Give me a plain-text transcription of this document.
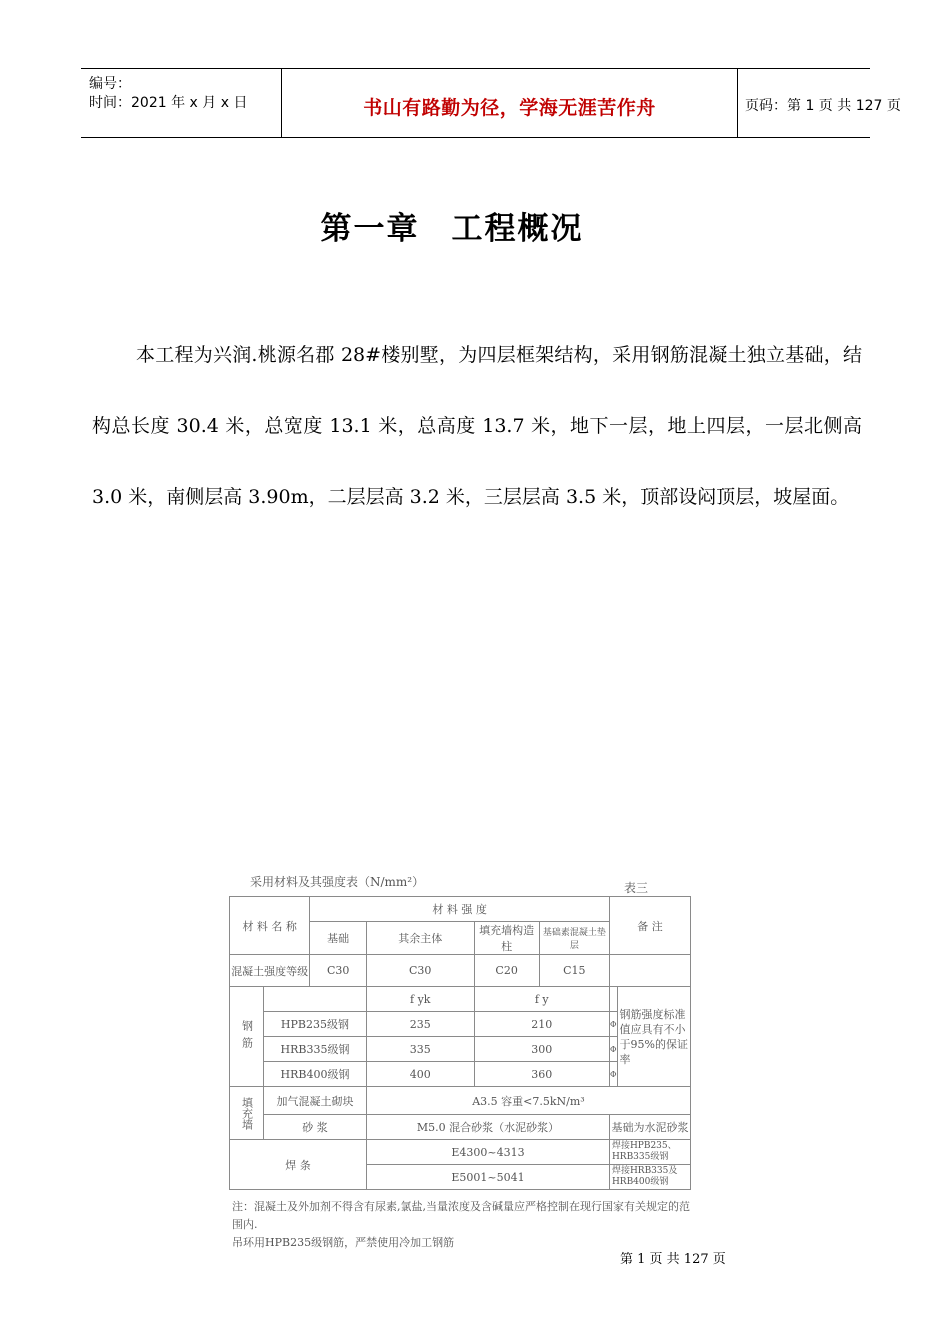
编号：
时间：2021 年 x 月 x 日	书山有路勤为径，学海无涯苦作舟	页码：第 1 页 共 127 页
第一章 工程概况
本工程为兴润.桃源名郡 28#楼别墅，为四层框架结构，采用钢筋混凝土独立基础，结构总长度 30.4 米，总宽度 13.1 米，总高度 13.7 米，地下一层，地上四层，一层北侧高 3.0 米，南侧层高 3.90m，二层层高 3.2 米，三层层高 3.5 米，顶部设闷顶层，坡屋面。
采用材料及其强度表（N/mm²）	表三
材 料 名 称		材 料 强 度				备 注	
		基础	其余主体	填充墙构造柱	基础素混凝土垫层		
混凝土强度等级		C30	C30	C20	C15		
钢筋			f yk	f y			钢筋强度标准值应具有不小于95%的保证率
	HPB235级钢		235	210		Φ	
	HRB335级钢		335	300		Φ	
	HRB400级钢		400	360		Φ	
填充墙	加气混凝土砌块		A3.5 容重<7.5kN/m³				
	砂 浆		M5.0 混合砂浆（水泥砂浆）			基础为水泥砂浆	
焊 条			E4300~4313			焊接HPB235、HRB335级钢	
			E5001~5041			焊接HRB335及HRB400级钢	
注：混凝土及外加剂不得含有尿素,氯盐,当量浓度及含碱量应严格控制在现行国家有关规定的范围内.
吊环用HPB235级钢筋，严禁使用冷加工钢筋
第 1 页 共 127 页
